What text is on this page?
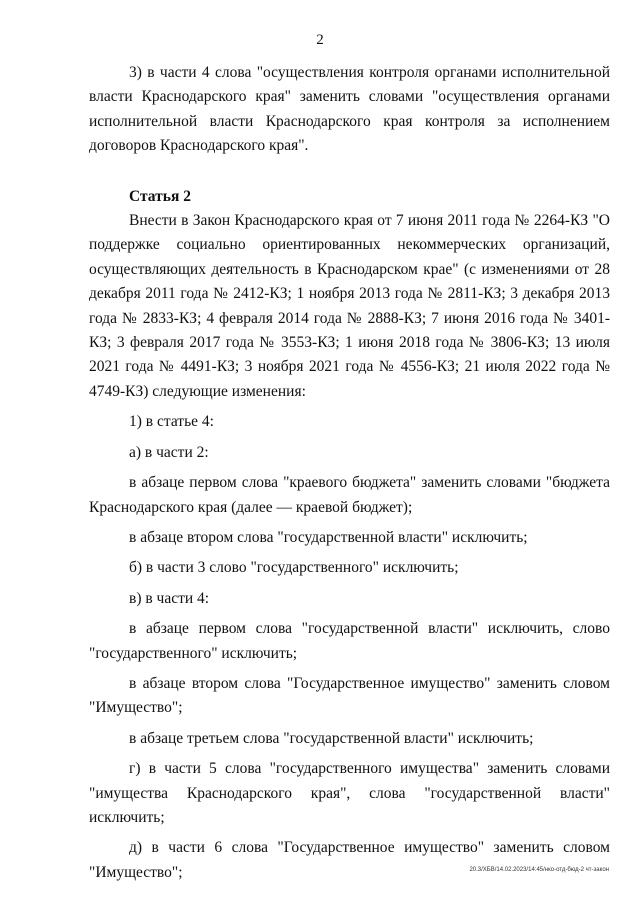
2

3) в части 4 слова "осуществления контроля органами исполнительной власти Краснодарского края" заменить словами "осуществления органами исполнительной власти Краснодарского края контроля за исполнением договоров Краснодарского края".

Статья 2

Внести в Закон Краснодарского края от 7 июня 2011 года № 2264-КЗ "О поддержке социально ориентированных некоммерческих организаций, осуществляющих деятельность в Краснодарском крае" (с изменениями от 28 декабря 2011 года № 2412-КЗ; 1 ноября 2013 года № 2811-КЗ; 3 декабря 2013 года № 2833-КЗ; 4 февраля 2014 года № 2888-КЗ; 7 июня 2016 года № 3401-КЗ; 3 февраля 2017 года № 3553-КЗ; 1 июня 2018 года № 3806-КЗ; 13 июля 2021 года № 4491-КЗ; 3 ноября 2021 года № 4556-КЗ; 21 июля 2022 года № 4749-КЗ) следующие изменения:

1) в статье 4:

а) в части 2:

в абзаце первом слова "краевого бюджета" заменить словами "бюджета Краснодарского края (далее — краевой бюджет);

в абзаце втором слова "государственной власти" исключить;

б) в части 3 слово "государственного" исключить;

в) в части 4:

в абзаце первом слова "государственной власти" исключить, слово "государственного" исключить;

в абзаце втором слова "Государственное имущество" заменить словом "Имущество";

в абзаце третьем слова "государственной власти" исключить;

г) в части 5 слова "государственного имущества" заменить словами "имущества Краснодарского края", слова "государственной власти" исключить;

д) в части 6 слова "Государственное имущество" заменить словом "Имущество";	20.3/ХБВ/14.02.2023/14:45/нко-отд-бюд-2 чт-закон
